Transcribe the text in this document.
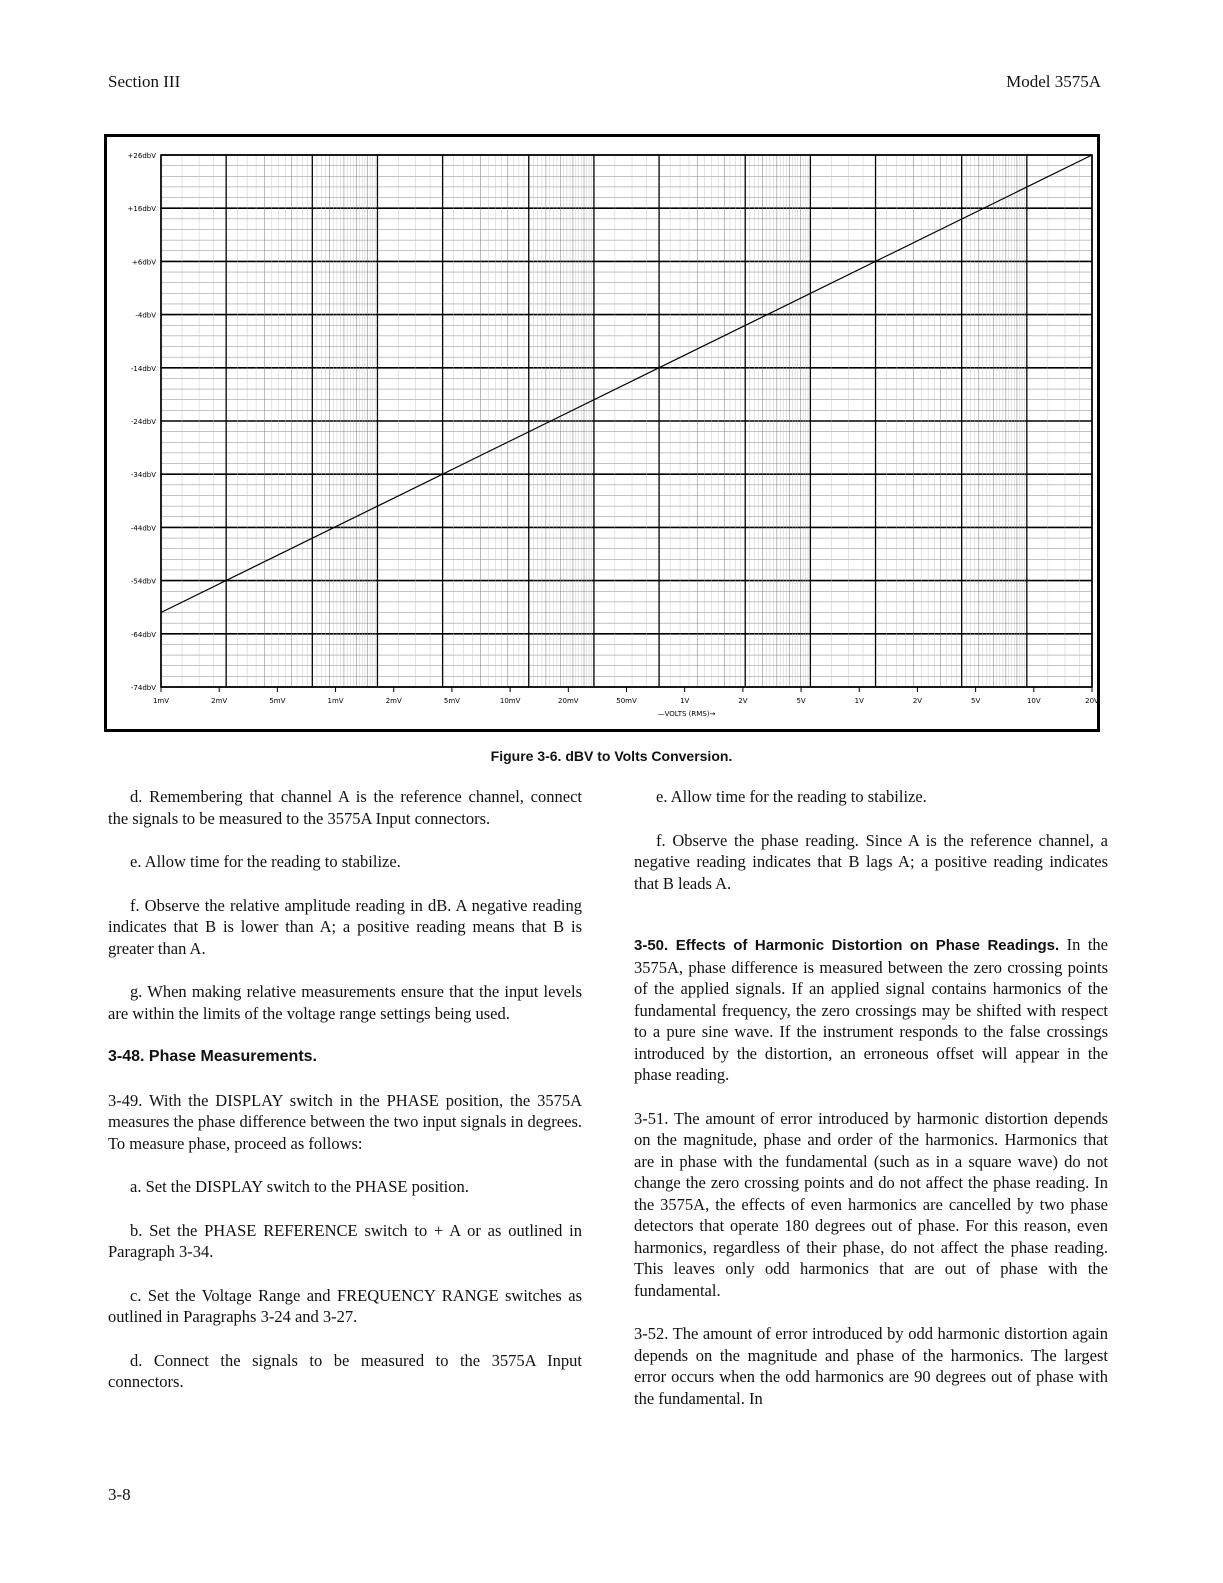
Section III	Model 3575A
+26dbV
+16dbV
+6dbV
-4dbV
-14dbV
-24dbV
-34dbV
-44dbV
-54dbV
-64dbV
-74dbV
1mV	2mV	5mV	1mV	2mV	5mV	10mV	20mV	50mV	1V	2V	5V	1V	2V	5V	10V	20V
—VOLTS (RMS)→
Figure 3-6. dBV to Volts Conversion.

d. Remembering that channel A is the reference channel, connect the signals to be measured to the 3575A Input connectors.

e. Allow time for the reading to stabilize.

f. Observe the relative amplitude reading in dB. A negative reading indicates that B is lower than A; a positive reading means that B is greater than A.

g. When making relative measurements ensure that the input levels are within the limits of the voltage range settings being used.

3-48. Phase Measurements.

3-49. With the DISPLAY switch in the PHASE position, the 3575A measures the phase difference between the two input signals in degrees. To measure phase, proceed as follows:

a. Set the DISPLAY switch to the PHASE position.

b. Set the PHASE REFERENCE switch to + A or as outlined in Paragraph 3-34.

c. Set the Voltage Range and FREQUENCY RANGE switches as outlined in Paragraphs 3-24 and 3-27.

d. Connect the signals to be measured to the 3575A Input connectors.

e. Allow time for the reading to stabilize.

f. Observe the phase reading. Since A is the reference channel, a negative reading indicates that B lags A; a positive reading indicates that B leads A.

3-50. Effects of Harmonic Distortion on Phase Readings. In the 3575A, phase difference is measured between the zero crossing points of the applied signals. If an applied signal contains harmonics of the fundamental frequency, the zero crossings may be shifted with respect to a pure sine wave. If the instrument responds to the false crossings introduced by the distortion, an erroneous offset will appear in the phase reading.

3-51. The amount of error introduced by harmonic distortion depends on the magnitude, phase and order of the harmonics. Harmonics that are in phase with the fundamental (such as in a square wave) do not change the zero crossing points and do not affect the phase reading. In the 3575A, the effects of even harmonics are cancelled by two phase detectors that operate 180 degrees out of phase. For this reason, even harmonics, regardless of their phase, do not affect the phase reading. This leaves only odd harmonics that are out of phase with the fundamental.

3-52. The amount of error introduced by odd harmonic distortion again depends on the magnitude and phase of the harmonics. The largest error occurs when the odd harmonics are 90 degrees out of phase with the fundamental. In

3-8
